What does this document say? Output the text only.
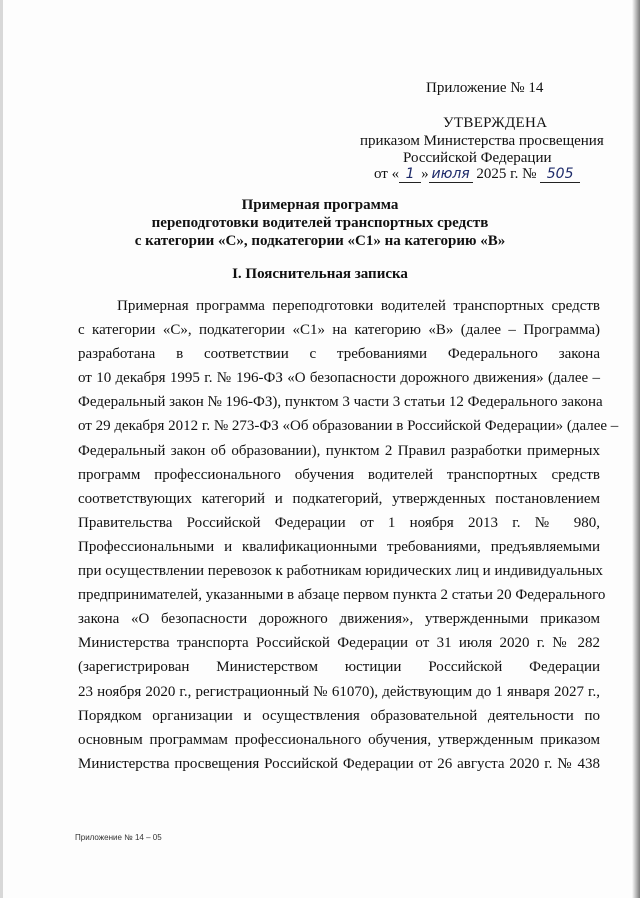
Приложение № 14
УТВЕРЖДЕНА
приказом Министерства просвещения
Российской Федерации
от « 1 » июля 2025 г. № 505
Примерная программа
переподготовки водителей транспортных средств
с категории «С», подкатегории «С1» на категорию «В»
I. Пояснительная записка
Примерная программа переподготовки водителей транспортных средств
с категории «С», подкатегории «С1» на категорию «В» (далее – Программа)
разработана в соответствии с требованиями Федерального закона
от 10 декабря 1995 г. № 196-ФЗ «О безопасности дорожного движения» (далее –
Федеральный закон № 196-ФЗ), пунктом 3 части 3 статьи 12 Федерального закона
от 29 декабря 2012 г. № 273-ФЗ «Об образовании в Российской Федерации» (далее –
Федеральный закон об образовании), пунктом 2 Правил разработки примерных
программ профессионального обучения водителей транспортных средств
соответствующих категорий и подкатегорий, утвержденных постановлением
Правительства Российской Федерации от 1 ноября 2013 г. № 980,
Профессиональными и квалификационными требованиями, предъявляемыми
при осуществлении перевозок к работникам юридических лиц и индивидуальных
предпринимателей, указанными в абзаце первом пункта 2 статьи 20 Федерального
закона «О безопасности дорожного движения», утвержденными приказом
Министерства транспорта Российской Федерации от 31 июля 2020 г. № 282
(зарегистрирован Министерством юстиции Российской Федерации
23 ноября 2020 г., регистрационный № 61070), действующим до 1 января 2027 г.,
Порядком организации и осуществления образовательной деятельности по
основным программам профессионального обучения, утвержденным приказом
Министерства просвещения Российской Федерации от 26 августа 2020 г. № 438
Приложение № 14 – 05
